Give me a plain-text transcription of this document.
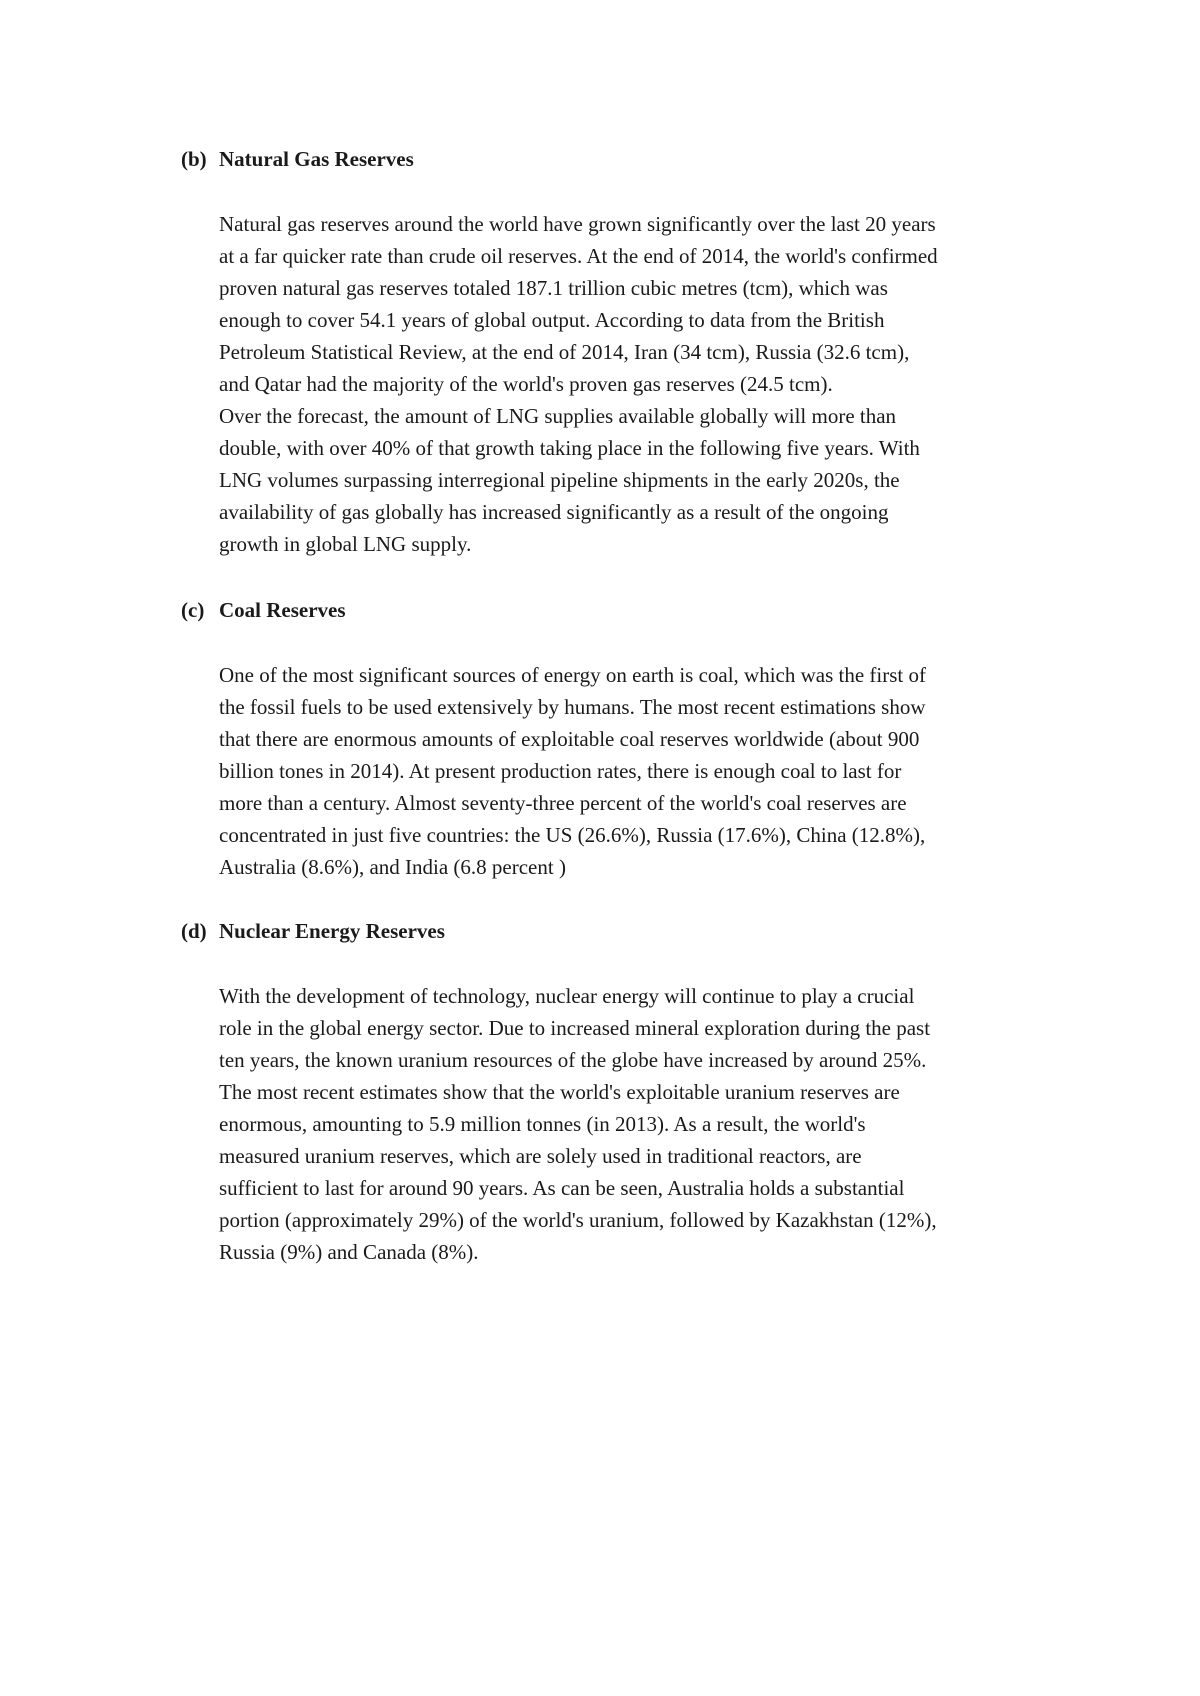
(b) Natural Gas Reserves
Natural gas reserves around the world have grown significantly over the last 20 years
at a far quicker rate than crude oil reserves. At the end of 2014, the world's confirmed
proven natural gas reserves totaled 187.1 trillion cubic metres (tcm), which was
enough to cover 54.1 years of global output. According to data from the British
Petroleum Statistical Review, at the end of 2014, Iran (34 tcm), Russia (32.6 tcm),
and Qatar had the majority of the world's proven gas reserves (24.5 tcm).
Over the forecast, the amount of LNG supplies available globally will more than
double, with over 40% of that growth taking place in the following five years. With
LNG volumes surpassing interregional pipeline shipments in the early 2020s, the
availability of gas globally has increased significantly as a result of the ongoing
growth in global LNG supply.
(c) Coal Reserves
One of the most significant sources of energy on earth is coal, which was the first of
the fossil fuels to be used extensively by humans. The most recent estimations show
that there are enormous amounts of exploitable coal reserves worldwide (about 900
billion tones in 2014). At present production rates, there is enough coal to last for
more than a century. Almost seventy-three percent of the world's coal reserves are
concentrated in just five countries: the US (26.6%), Russia (17.6%), China (12.8%),
Australia (8.6%), and India (6.8 percent )
(d) Nuclear Energy Reserves
With the development of technology, nuclear energy will continue to play a crucial
role in the global energy sector. Due to increased mineral exploration during the past
ten years, the known uranium resources of the globe have increased by around 25%.
The most recent estimates show that the world's exploitable uranium reserves are
enormous, amounting to 5.9 million tonnes (in 2013). As a result, the world's
measured uranium reserves, which are solely used in traditional reactors, are
sufficient to last for around 90 years. As can be seen, Australia holds a substantial
portion (approximately 29%) of the world's uranium, followed by Kazakhstan (12%),
Russia (9%) and Canada (8%).
